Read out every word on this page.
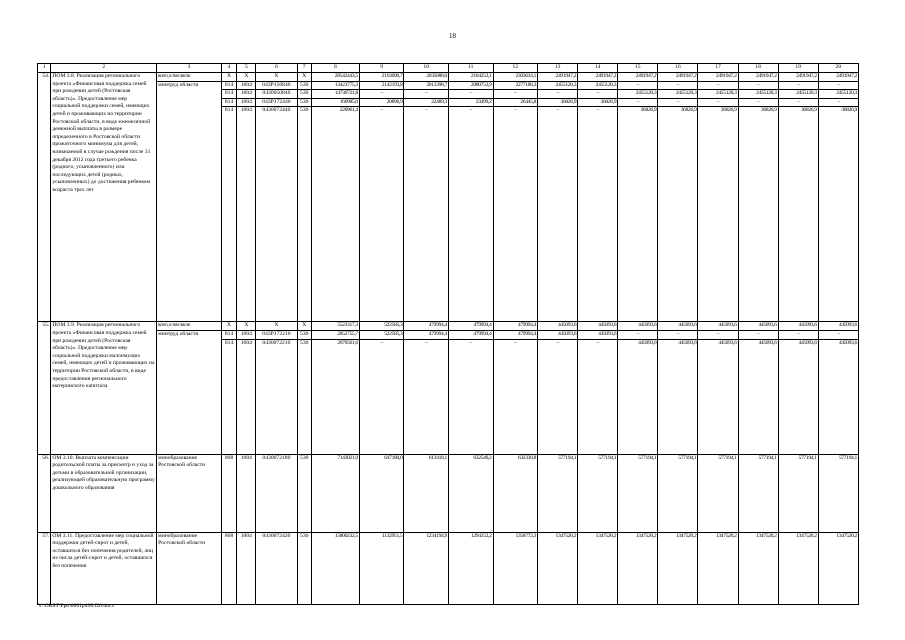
18
1	2	3	4	5	6	7	8	9	10	11	12	13	14	15	16	17	18	19	20
54.	ПОМ 3.8. Реализация регионального проекта «Финансовая поддержка семей при рождении детей (Ростовская область)». Предоставление мер социальной поддержки семей, имеющих детей и проживающих на территории Ростовской области, в виде ежемесячной денежной выплаты в размере определенного в Ростовской области прожиточного минимума для детей, назначаемой в случае рождения после 31 декабря 2012 года третьего ребенка (родного, усыновленного) или последующих детей (родных, усыновленных) до достижения ребенком возраста трех лет	всего, в том числе:	X	X	X	X	28542443,5	2163090,7	2035888,0	2104253,1	2303634,1	2491947,2	2491947,2	2491947,2	2491947,2	2491947,2	2491947,2	2491947,2	2491947,2
		минтруд области	814	1004	043P150840	530	13423775,3	2142193,8	2013398,7	2080753,9	2277188,3	2455120,3	2455120,3	–	–	–	–	–	–
			814	1004	0430050840	530	14730721,8	–	–	–	–	–	–	2455120,3	2455120,3	2455120,3	2455120,3	2455120,3	2455120,3
			814	1004	043P172440	530	166985,0	20896,9	22489,3	23499,2	26445,8	36826,9	36826,9	–	–	–	–	–	–
			814	1004	0430072440	530	220961,4	–	–	–	–	–	–	36826,9	36826,9	36826,9	36826,9	36826,9	36826,9
55.	ПОМ 3.9. Реализация регионального проекта «Финансовая поддержка семей при рождении детей (Ростовская область)». Предоставление мер социальной поддержки малоимущих семей, имеющих детей и проживающих на территории Ростовской области, в виде предоставления регионального материнского капитала	всего, в том числе:	X	X	X	X	5523317,3	522585,3	479994,4	479994,4	479994,4	445093,6	445093,6	445093,6	445093,6	445093,6	445093,6	445093,6	445093,6
		минтруд области	814	1004	043P172210	530	2852755,7	522585,3	479994,4	479994,4	479994,4	445093,6	445093,6	–	–	–	–	–	–
			814	1004	0430072210	530	2670561,6	–	–	–	–	–	–	445093,6	445093,6	445093,6	445093,6	445093,6	445093,6
56.	ОМ 3.10. Выплата компенсации родительской платы за присмотр и уход за детьми в образовательной организации, реализующей образовательную программу дошкольного образования	минобразование Ростовской области	808	1004	0430072180	530	7143021,9	647180,0	613418,1	632540,2	632330,8	577194,1	577194,1	577194,1	577194,1	577194,1	577194,1	577194,1	577194,1
57.	ОМ 3.11. Предоставление мер социальной поддержки детей-сирот и детей, оставшихся без попечения родителей, лиц из числа детей-сирот и детей, оставшихся без попечения	минобразование Ростовской области	808	1004	0430072420	530	15800232,5	1132951,5	1234194,9	1294152,2	1358772,3	1347520,2	1347520,2	1347520,2	1347520,2	1347520,2	1347520,2	1347520,2	1347520,2
Y:\ORST\Ppo\0601p498.f20.docx
